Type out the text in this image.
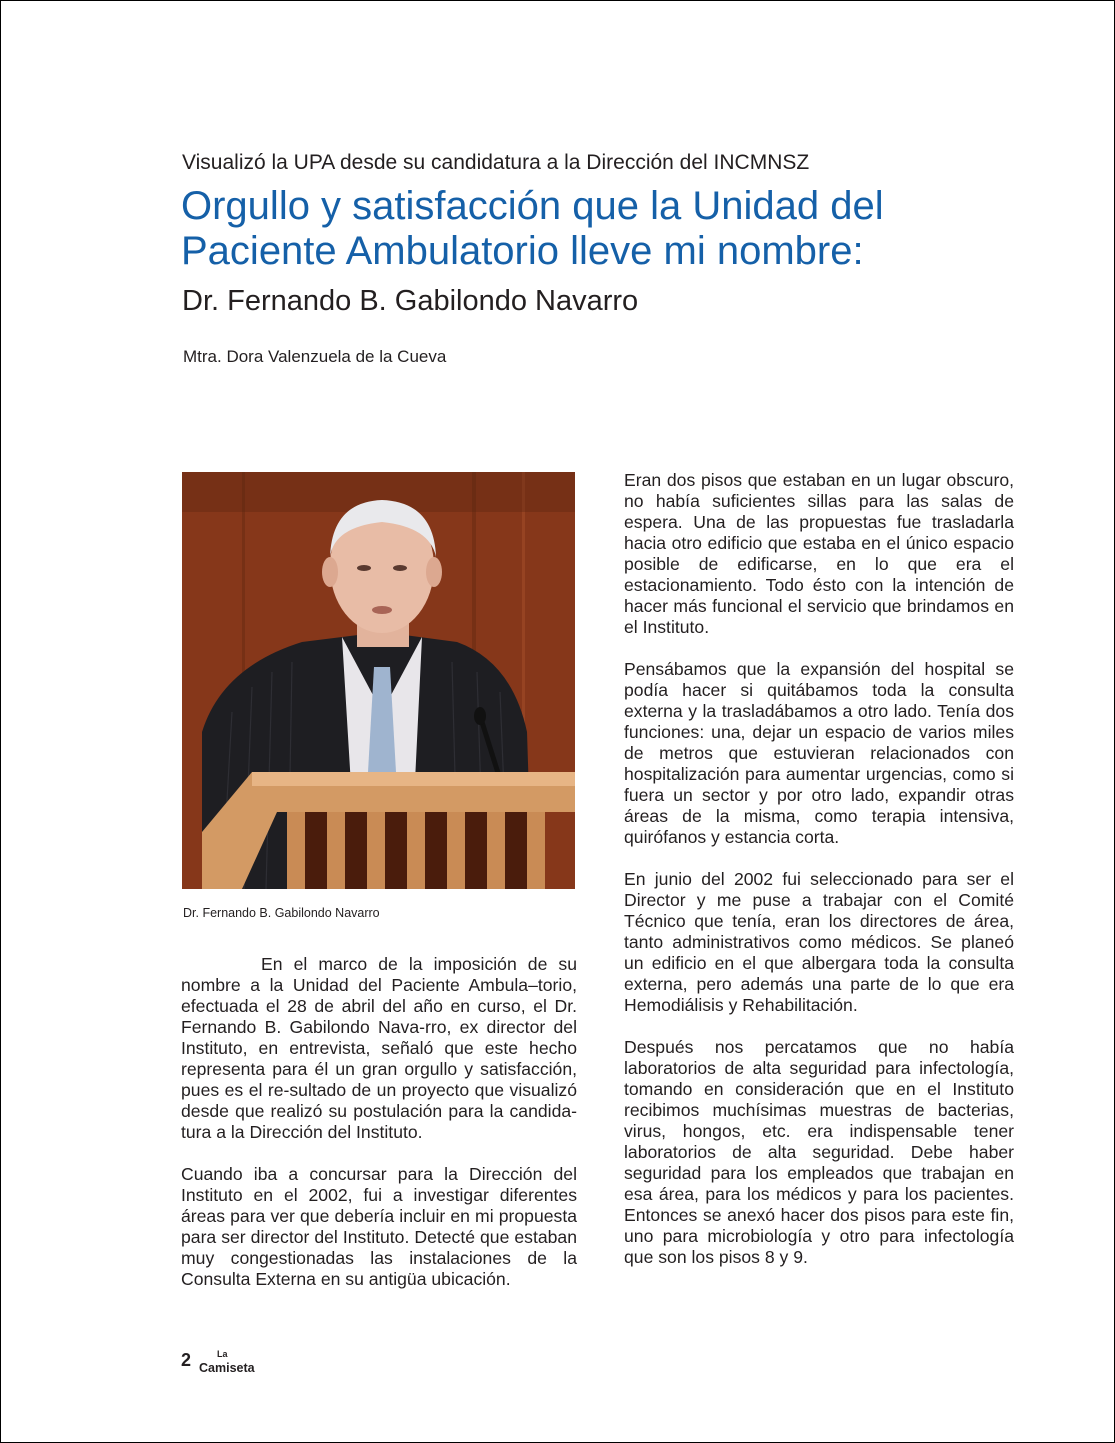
Visualizó la UPA desde su candidatura a la Dirección del INCMNSZ
Orgullo y satisfacción que la Unidad del Paciente Ambulatorio lleve mi nombre:
Dr. Fernando B. Gabilondo Navarro
Mtra. Dora Valenzuela de la Cueva
Dr. Fernando B. Gabilondo Navarro

En el marco de la imposición de su nombre a la Unidad del Paciente Ambula–torio, efectuada el 28 de abril del año en curso, el Dr. Fernando B. Gabilondo Nava-rro, ex director del Instituto, en entrevista, señaló que este hecho representa para él un gran orgullo y satisfacción, pues es el re-sultado de un proyecto que visualizó desde que realizó su postulación para la candida-tura a la Dirección del Instituto.

Cuando iba a concursar para la Dirección del Instituto en el 2002, fui a investigar diferentes áreas para ver que debería incluir en mi propuesta para ser director del Instituto. Detecté que estaban muy congestionadas las instalaciones de la Consulta Externa en su antigüa ubicación.

Eran dos pisos que estaban en un lugar obscuro, no había suficientes sillas para las salas de espera. Una de las propuestas fue trasladarla hacia otro edificio que estaba en el único espacio posible de edificarse, en lo que era el estacionamiento. Todo ésto con la intención de hacer más funcional el servicio que brindamos en el Instituto.

Pensábamos que la expansión del hospital se podía hacer si quitábamos toda la consulta externa y la trasladábamos a otro lado. Tenía dos funciones: una, dejar un espacio de varios miles de metros que estuvieran relacionados con hospitalización para aumentar urgencias, como si fuera un sector y por otro lado, expandir otras áreas de la misma, como terapia intensiva, quirófanos y estancia corta.

En junio del 2002 fui seleccionado para ser el Director y me puse a trabajar con el Comité Técnico que tenía, eran los directores de área, tanto administrativos como médicos. Se planeó un edificio en el que albergara toda la consulta externa, pero además una parte de lo que era Hemodiálisis y Rehabilitación.

Después nos percatamos que no había laboratorios de alta seguridad para infectología, tomando en consideración que en el Instituto recibimos muchísimas muestras de bacterias, virus, hongos, etc. era indispensable tener laboratorios de alta seguridad. Debe haber seguridad para los empleados que trabajan en esa área, para los médicos y para los pacientes. Entonces se anexó hacer dos pisos para este fin, uno para microbiología y otro para infectología que son los pisos 8 y 9.

2	La
Camiseta
